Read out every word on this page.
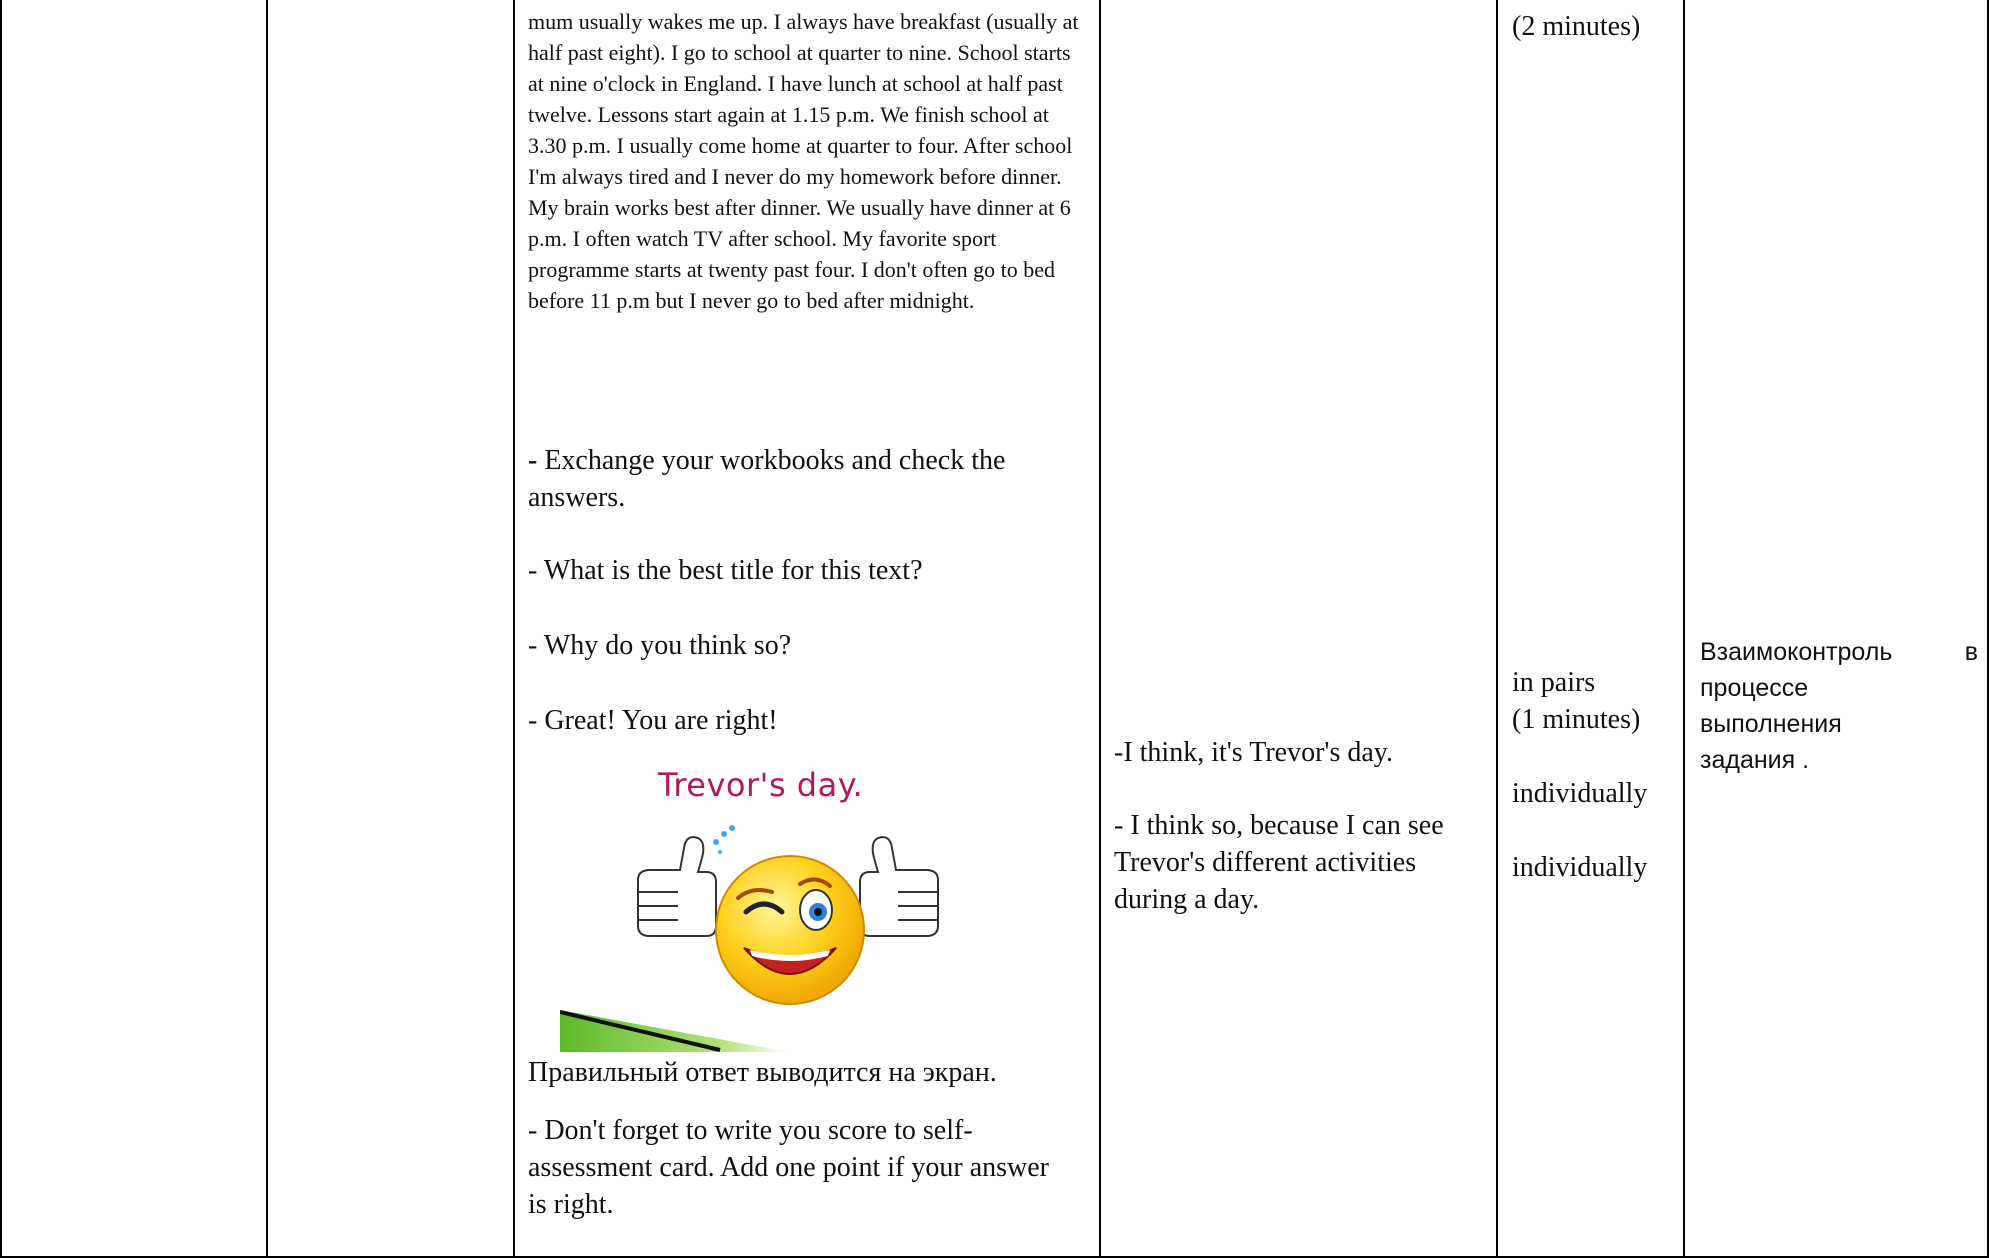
mum usually wakes me up. I always have breakfast (usually at half past eight). I go to school at quarter to nine. School starts at nine o'clock in England. I have lunch at school at half past twelve. Lessons start again at 1.15 p.m. We finish school at 3.30 p.m. I usually come home at quarter to four. After school I'm always tired and I never do my homework before dinner. My brain works best after dinner. We usually have dinner at 6 p.m. I often watch TV after school. My favorite sport programme starts at twenty past four. I don't often go to bed before 11 p.m but I never go to bed after midnight.
- Exchange your workbooks and check the answers.
- What is the best title for this text?
- Why do you think so?
- Great! You are right!
Trevor's day.
Правильный ответ выводится на экран.
- Don't forget to write you score to self-assessment card. Add one point if your answer is right.
-I think, it's Trevor's day.
- I think so, because I can see Trevor's different activities during a day.
(2 minutes)
in pairs
(1 minutes)
individually
individually
Взаимоконтроль	в
процессе выполнения задания .
